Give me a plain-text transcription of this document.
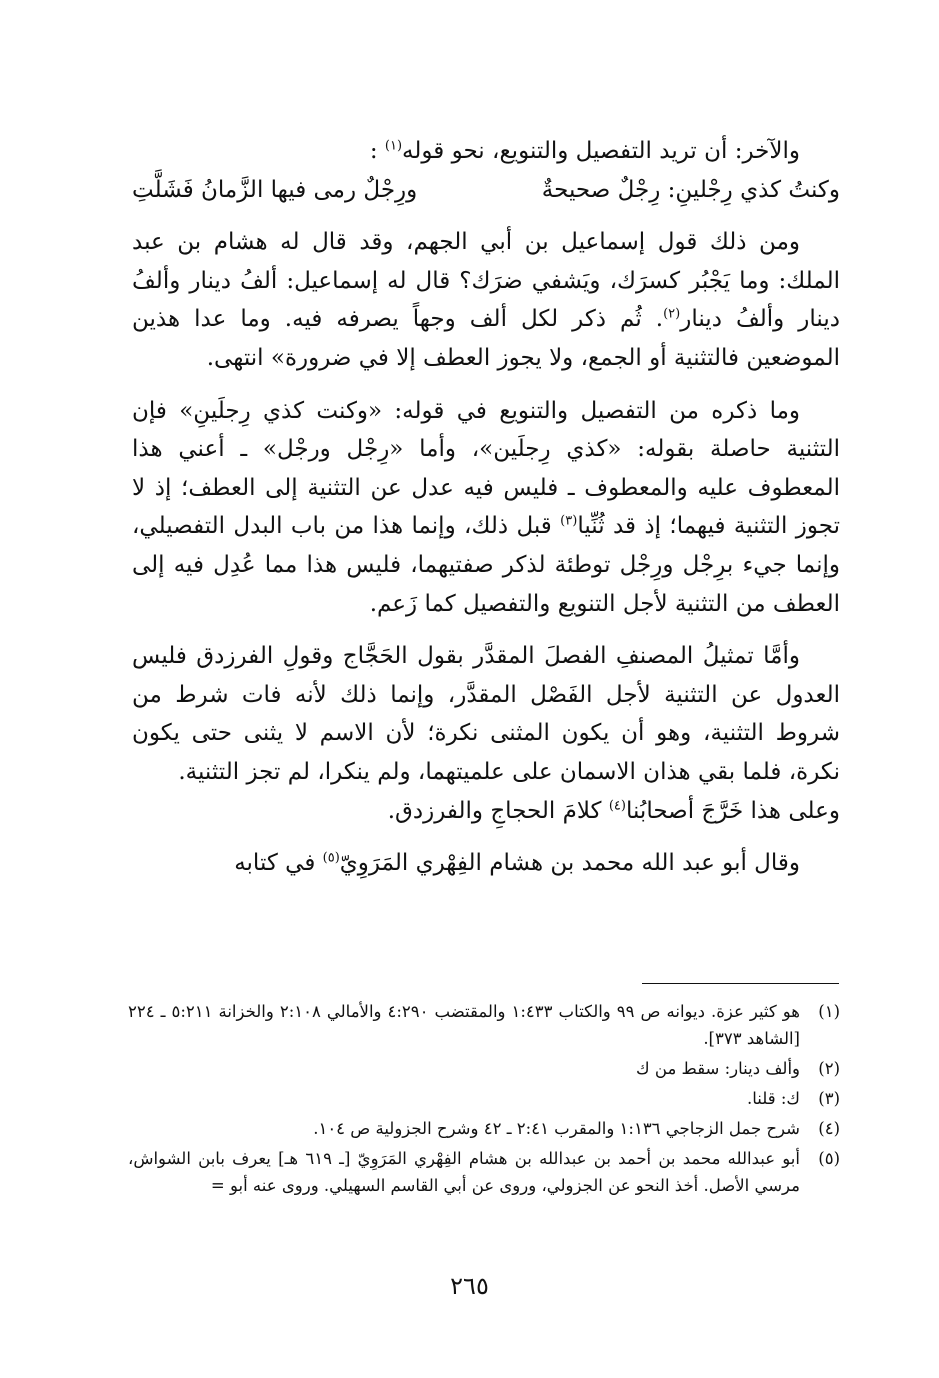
والآخر: أن تريد التفصيل والتنويع، نحو قوله$^{(١)}$ :

وكنتُ كذي رِجْلينِ: رِجْلٌ صحيحةٌ
ورِجْلٌ رمى فيها الزَّمانُ فَشَلَّتِ

ومن ذلك قول إسماعيل بن أبي الجهم، وقد قال له هشام بن عبد الملك: وما يَجْبُر كسرَك، ويَشفي ضرَك؟ قال له إسماعيل: ألفُ دينار وألفُ دينار وألفُ دينار$^{(٢)}$. ثُم ذكر لكل ألف وجهاً يصرفه فيه. وما عدا هذين الموضعين فالتثنية أو الجمع، ولا يجوز العطف إلا في ضرورة» انتهى.

وما ذكره من التفصيل والتنويع في قوله: «وكنت كذي رِجلَينِ» فإن التثنية حاصلة بقوله: «كذي رِجلَين»، وأما «رِجْل ورجْل» ـ أعني هذا المعطوف عليه والمعطوف ـ فليس فيه عدل عن التثنية إلى العطف؛ إذ لا تجوز التثنية فيهما؛ إذ قد ثُنِّيا$^{(٣)}$ قبل ذلك، وإنما هذا من باب البدل التفصيلي، وإنما جيء برِجْل ورِجْل توطئة لذكر صفتيهما، فليس هذا مما عُدِل فيه إلى العطف من التثنية لأجل التنويع والتفصيل كما زَعم.

وأمَّا تمثيلُ المصنفِ الفصلَ المقدَّر بقول الحَجَّاج وقولِ الفرزدق فليس العدول عن التثنية لأجل الفَصْل المقدَّر، وإنما ذلك لأنه فات شرط من شروط التثنية، وهو أن يكون المثنى نكرة؛ لأن الاسم لا يثنى حتى يكون نكرة، فلما بقي هذان الاسمان على علميتهما، ولم ينكرا، لم تجز التثنية.

وعلى هذا خَرَّجَ أصحابُنا$^{(٤)}$ كلامَ الحجاجِ والفرزدق.

وقال أبو عبد الله محمد بن هشام الفِهْري المَرَوِيّ$^{(٥)}$ في كتابه

(١)
هو كثير عزة. ديوانه ص ٩٩ والكتاب ١:٤٣٣ والمقتضب ٤:٢٩٠ والأمالي ٢:١٠٨ والخزانة ٥:٢١١ ـ ٢٢٤ [الشاهد ٣٧٣].
(٢)
وألف دينار: سقط من ك
(٣)
ك: قلنا.
(٤)
شرح جمل الزجاجي ١:١٣٦ والمقرب ٢:٤١ ـ ٤٢ وشرح الجزولية ص ١٠٤.
(٥)
أبو عبدالله محمد بن أحمد بن عبدالله بن هشام الفِهْري المَرَوِيّ [ـ ٦١٩ هـ] يعرف بابن الشواش، مرسي الأصل. أخذ النحو عن الجزولي، وروى عن أبي القاسم السهيلي. وروى عنه أبو =
٢٦٥
